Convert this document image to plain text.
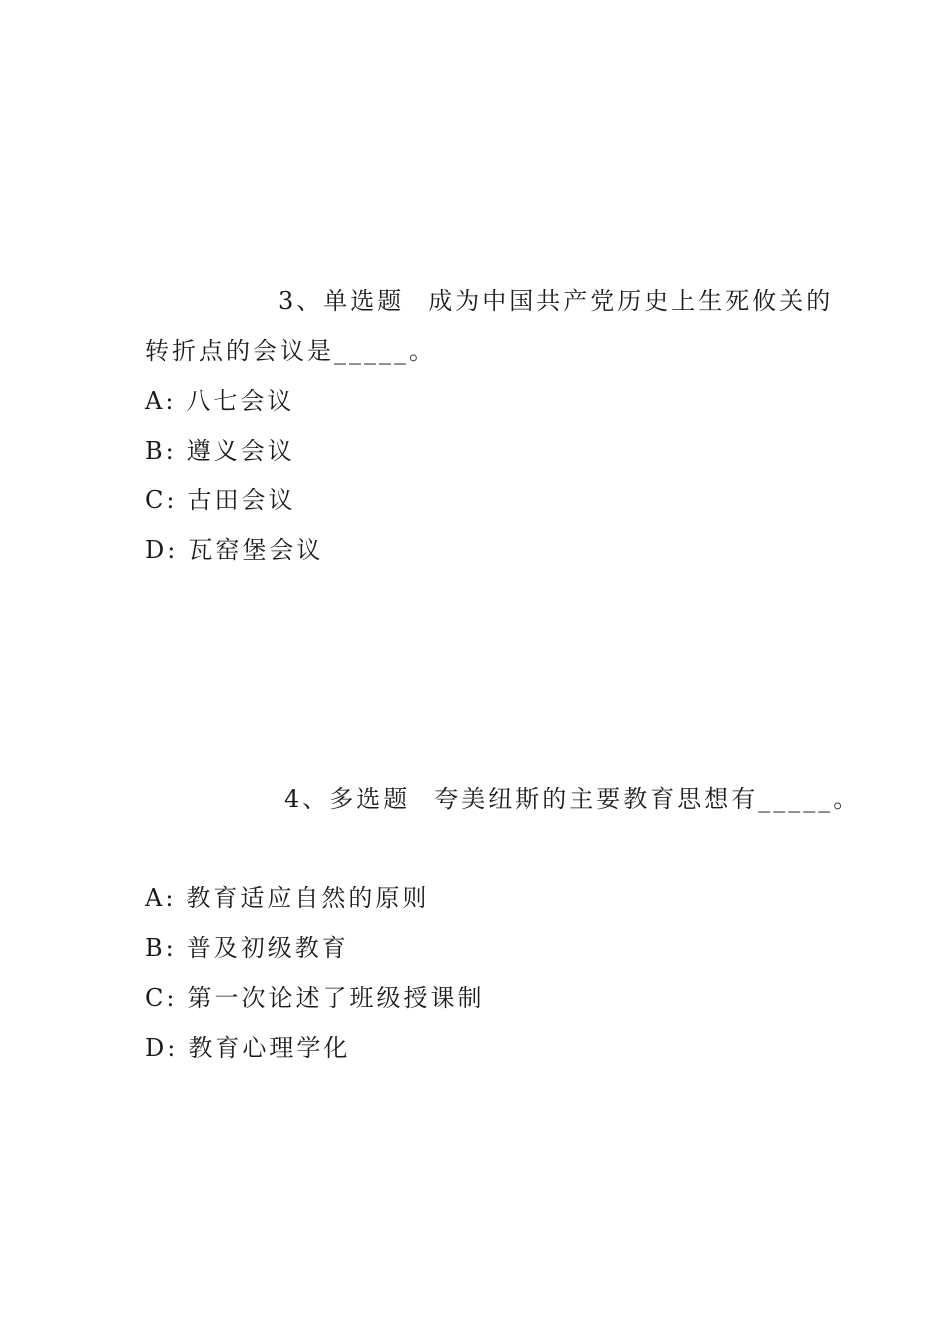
3、单选题 成为中国共产党历史上生死攸关的
转折点的会议是_____。
A: 八七会议
B: 遵义会议
C: 古田会议
D: 瓦窑堡会议
4、多选题 夸美纽斯的主要教育思想有_____。
A: 教育适应自然的原则
B: 普及初级教育
C: 第一次论述了班级授课制
D: 教育心理学化
